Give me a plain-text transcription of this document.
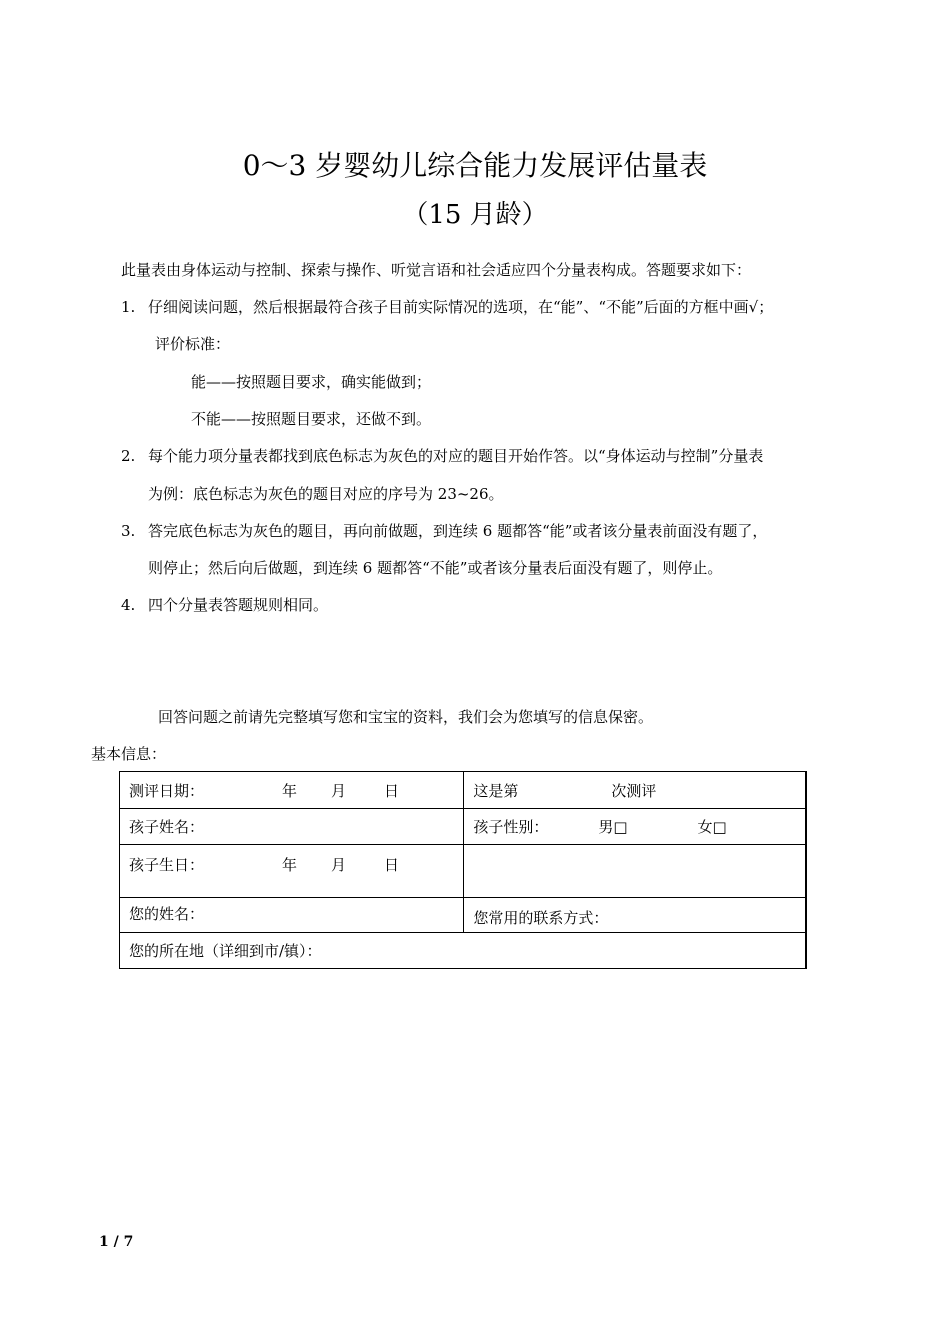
0～3 岁婴幼儿综合能力发展评估量表
（15 月龄）
此量表由身体运动与控制、探索与操作、听觉言语和社会适应四个分量表构成。答题要求如下：
1. 仔细阅读问题，然后根据最符合孩子目前实际情况的选项，在“能”、“不能”后面的方框中画√；
评价标准：
能——按照题目要求，确实能做到；
不能——按照题目要求，还做不到。
2. 每个能力项分量表都找到底色标志为灰色的对应的题目开始作答。以“身体运动与控制”分量表
为例：底色标志为灰色的题目对应的序号为 23~26。
3. 答完底色标志为灰色的题目，再向前做题，到连续 6 题都答“能”或者该分量表前面没有题了，
则停止；然后向后做题，到连续 6 题都答“不能”或者该分量表后面没有题了，则停止。
4. 四个分量表答题规则相同。
回答问题之前请先完整填写您和宝宝的资料，我们会为您填写的信息保密。
基本信息：
测评日期： 年 月 日	这是第 次测评
孩子姓名：	孩子性别： 男□ 女□
孩子生日： 年 月 日	
您的姓名：	您常用的联系方式：
您的所在地（详细到市/镇）：	
1 / 7
